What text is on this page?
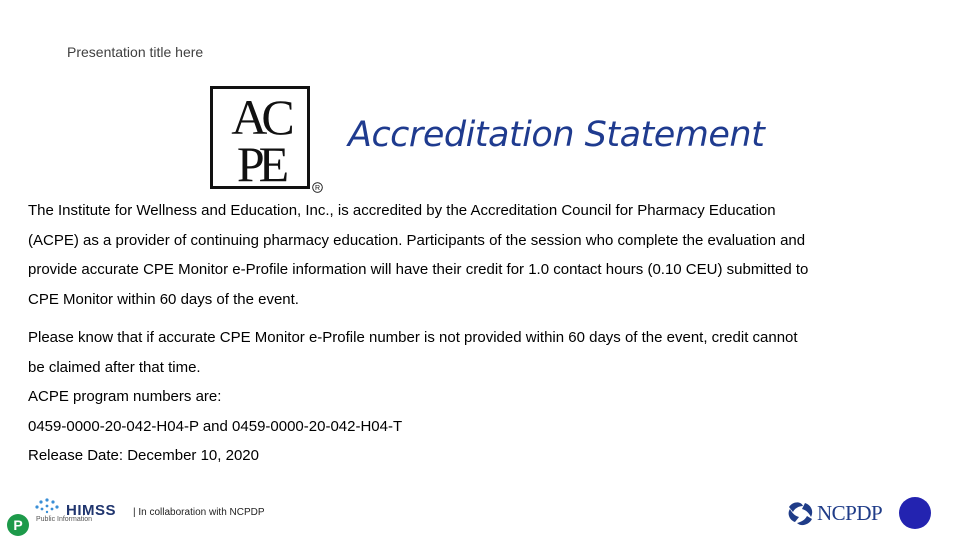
Presentation title here
AC
PE	R
Accreditation Statement

The Institute for Wellness and Education, Inc., is accredited by the Accreditation Council for Pharmacy Education
(ACPE) as a provider of continuing pharmacy education. Participants of the session who complete the evaluation and
provide accurate CPE Monitor e-Profile information will have their credit for 1.0 contact hours (0.10 CEU) submitted to
CPE Monitor within 60 days of the event.

Please know that if accurate CPE Monitor e-Profile number is not provided within 60 days of the event, credit cannot
be claimed after that time.

ACPE program numbers are:
0459-0000-20-042-H04-P and 0459-0000-20-042-H04-T
Release Date: December 10, 2020

P
HIMSS
Public Information
| In collaboration with NCPDP	NCPDP
